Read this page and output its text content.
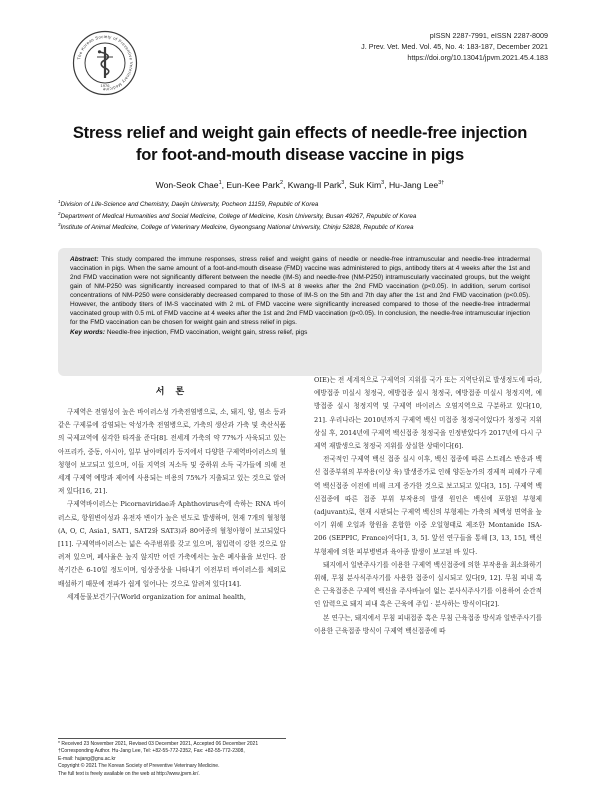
The Korean Society of Preventive Veterinary Medicine
1976
pISSN 2287-7991, eISSN 2287-8009
J. Prev. Vet. Med. Vol. 45, No. 4: 183-187, December 2021
https://doi.org/10.13041/jpvm.2021.45.4.183
Stress relief and weight gain effects of needle-free injection
for foot-and-mouth disease vaccine in pigs
Won-Seok Chae$^1$, Eun-Kee Park$^2$, Kwang-Il Park$^3$, Suk Kim$^3$, Hu-Jang Lee$^{3\dagger}$
$^1$Division of Life-Science and Chemistry, Daejin University, Pocheon 11159, Republic of Korea
$^2$Department of Medical Humanities and Social Medicine, College of Medicine, Kosin University, Busan 49267, Republic of Korea
$^3$Institute of Animal Medicine, College of Veterinary Medicine, Gyeongsang National University, Chinju 52828, Republic of Korea
Abstract: This study compared the immune responses, stress relief and weight gains of needle or needle-free intramuscular and needle-free intradermal vaccination in pigs. When the same amount of a foot-and-mouth disease (FMD) vaccine was administered to pigs, antibody titers at 4 weeks after the 1st and 2nd FMD vaccination were not significantly different between the needle (IM-S) and needle-free (NM-P250) intramuscularly vaccinated groups, but the weight gain of NM-P250 was significantly increased compared to that of IM-S at 8 weeks after the 2nd FMD vaccination (p<0.05). In addition, serum cortisol concentrations of NM-P250 were considerably decreased compared to those of IM-S on the 5th and 7th day after the 1st and 2nd FMD vaccination (p<0.05). However, the antibody titers of IM-S vaccinated with 2 mL of FMD vaccine were significantly increased compared to those of the needle-free intradermal vaccinated group with 0.5 mL of FMD vaccine at 4 weeks after the 1st and 2nd FMD vaccination (p<0.05). In conclusion, the needle-free intramuscular injection for the FMD vaccination can be chosen for weight gain and stress relief in pigs.
Key words: Needle-free injection, FMD vaccination, weight gain, stress relief, pigs
서 론

구제역은 전염성이 높은 바이러스성 가축전염병으로, 소, 돼지, 양, 염소 등과 같은 구제류에 감염되는 악성가축 전염병으로, 가축의 생산과 가축 및 축산식품의 국제교역에 심각한 타격을 준다[8]. 전세계 가축의 약 77%가 사육되고 있는 아프리카, 중동, 아시아, 일부 남아메리카 등지에서 다양한 구제역바이러스의 혈청형이 보고되고 있으며, 이들 지역의 저소득 및 중하위 소득 국가들에 의해 전 세계 구제역 예방과 제어에 사용되는 비용의 75%가 지출되고 있는 것으로 알려져 있다[16, 21].

구제역바이러스는 Picornaviridae과 Aphthovirus속에 속하는 RNA 바이러스로, 항원변이성과 유전자 변이가 높은 빈도로 발생하며, 현재 7개의 혈청형(A, O, C, Asia1, SAT1, SAT2와 SAT3)과 80여종의 혈청아형이 보고되었다[11]. 구제역바이러스는 넓은 숙주범위를 갖고 있으며, 침입력이 강한 것으로 알려져 있으며, 폐사율은 높지 않지만 어린 가축에서는 높은 폐사율을 보인다. 잠복기간은 6-10일 정도이며, 임상증상을 나타내기 이전부터 바이러스를 체외로 배설하기 때문에 전파가 쉽게 일어나는 것으로 알려져 있다[14].

세계동물보건기구(World organization for animal health,

OIE)는 전 세계적으로 구제역의 지위를 국가 또는 지역단위로 발생정도에 따라, 예방접종 미실시 청정국, 예방접종 실시 청정국, 예방접종 미실시 청정지역, 예방접종 실시 청정지역 및 구제역 바이러스 오염지역으로 구분하고 있다[10, 21]. 우리나라는 2010년까지 구제역 백신 미접종 청정국이었다가 청정국 지위상실 후, 2014년에 구제역 백신접종 청정국을 인정받았다가 2017년에 다시 구제역 재발생으로 청정국 지위를 상실한 상태이다[6].

전국적인 구제역 백신 접종 실시 이후, 백신 접종에 따른 스트레스 반응과 백신 접종부위의 부작용(이상 육) 발생증가로 인해 양돈농가의 경제적 피해가 구제역 백신접종 이전에 비해 크게 증가한 것으로 보고되고 있다[3, 15]. 구제역 백신접종에 따른 접종 부위 부작용의 발생 원인은 백신에 포함된 부형제(adjuvant)로, 현재 시판되는 구제역 백신의 부형제는 가축의 체액성 면역을 높이기 위해 오일과 항원을 혼합한 이중 오일형태로 제조한 Montanide ISA-206 (SEPPIC, France)이다[1, 3, 5]. 앞선 연구들을 통해 [3, 13, 15], 백신 부형제에 의한 피부병변과 육아종 발생이 보고된 바 있다.

돼지에서 일반주사기를 이용한 구제역 백신접종에 의한 부작용을 최소화하기 위해, 무침 분사식주사기를 사용한 접종이 실시되고 있다[9, 12]. 무침 피내 혹은 근육접종은 구제역 백신을 주사바늘이 없는 분사식주사기를 이용하여 순간적인 압력으로 돼지 피내 혹은 근육에 주입 · 분사하는 방식이다[2].

본 연구는, 돼지에서 무침 피내접종 혹은 무침 근육접종 방식과 일반주사기를 이용한 근육접종 방식이 구제역 백신접종에 따

* Received 23 November 2021, Revised 03 December 2021, Accepted 06 December 2021
†Corresponding Author. Hu-Jang Lee, Tel: +82-55-772-2352, Fax: +82-55-772-2308,
E-mail: hujang@gnu.ac.kr
Copyright © 2021 The Korean Society of Preventive Veterinary Medicine.
The full text is freely available on the web at http://www.jpvm.kr/.
